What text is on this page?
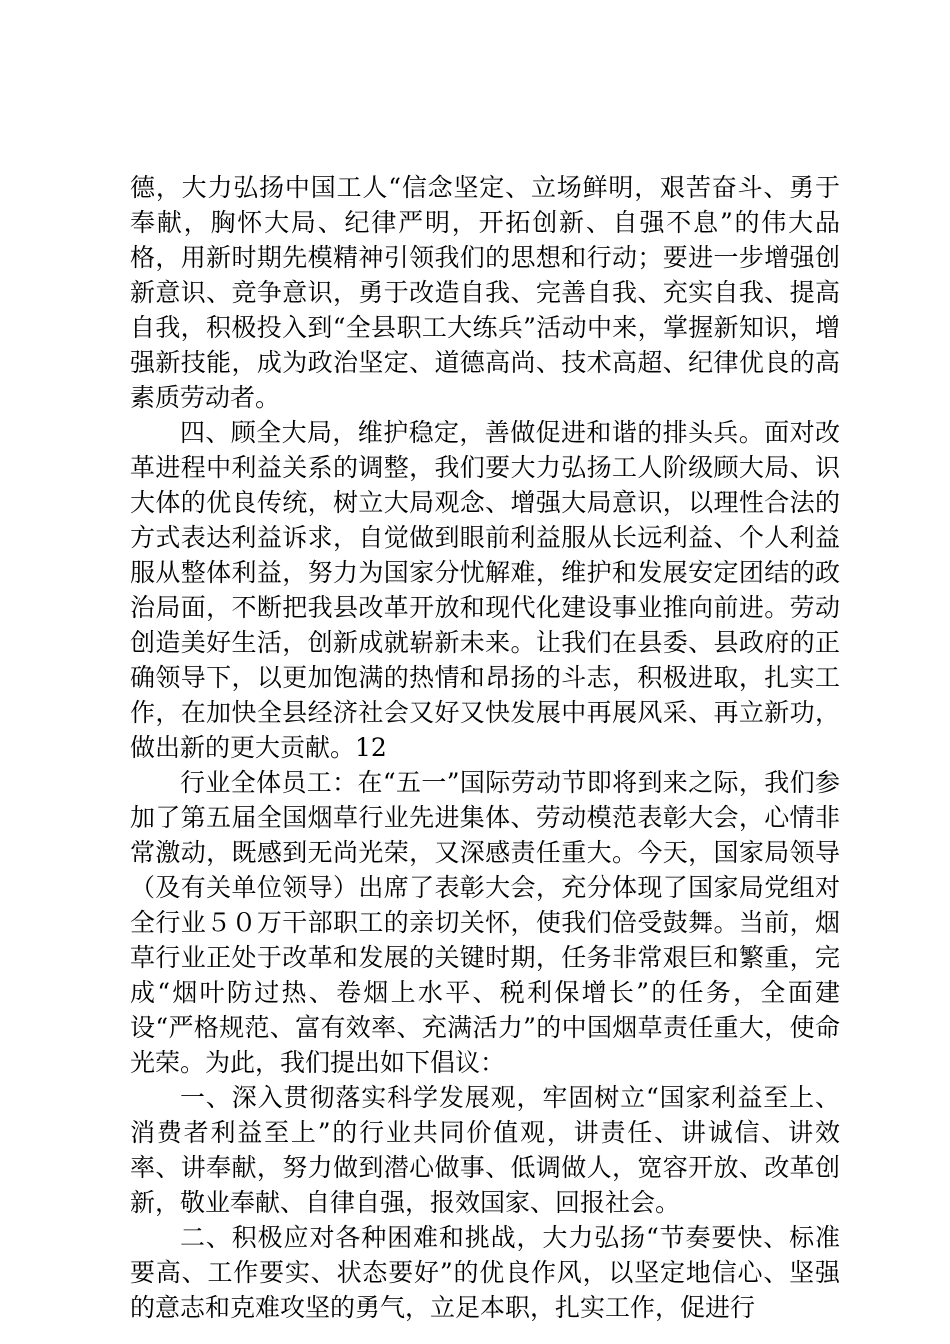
德，大力弘扬中国工人“信念坚定、立场鲜明，艰苦奋斗、勇于奉献，胸怀大局、纪律严明，开拓创新、自强不息”的伟大品格，用新时期先模精神引领我们的思想和行动；要进一步增强创新意识、竞争意识，勇于改造自我、完善自我、充实自我、提高自我，积极投入到“全县职工大练兵”活动中来，掌握新知识，增强新技能，成为政治坚定、道德高尚、技术高超、纪律优良的高素质劳动者。

四、顾全大局，维护稳定，善做促进和谐的排头兵。面对改革进程中利益关系的调整，我们要大力弘扬工人阶级顾大局、识大体的优良传统，树立大局观念、增强大局意识，以理性合法的方式表达利益诉求，自觉做到眼前利益服从长远利益、个人利益服从整体利益，努力为国家分忧解难，维护和发展安定团结的政治局面，不断把我县改革开放和现代化建设事业推向前进。劳动创造美好生活，创新成就崭新未来。让我们在县委、县政府的正确领导下，以更加饱满的热情和昂扬的斗志，积极进取，扎实工作，在加快全县经济社会又好又快发展中再展风采、再立新功，做出新的更大贡献。12

行业全体员工：在“五一”国际劳动节即将到来之际，我们参加了第五届全国烟草行业先进集体、劳动模范表彰大会，心情非常激动，既感到无尚光荣，又深感责任重大。今天，国家局领导（及有关单位领导）出席了表彰大会，充分体现了国家局党组对全行业５０万干部职工的亲切关怀，使我们倍受鼓舞。当前，烟草行业正处于改革和发展的关键时期，任务非常艰巨和繁重，完成“烟叶防过热、卷烟上水平、税利保增长”的任务，全面建设“严格规范、富有效率、充满活力”的中国烟草责任重大，使命光荣。为此，我们提出如下倡议：

一、深入贯彻落实科学发展观，牢固树立“国家利益至上、消费者利益至上”的行业共同价值观，讲责任、讲诚信、讲效率、讲奉献，努力做到潜心做事、低调做人，宽容开放、改革创新，敬业奉献、自律自强，报效国家、回报社会。

二、积极应对各种困难和挑战，大力弘扬“节奏要快、标准要高、工作要实、状态要好”的优良作风，以坚定地信心、坚强的意志和克难攻坚的勇气，立足本职，扎实工作，促进行
